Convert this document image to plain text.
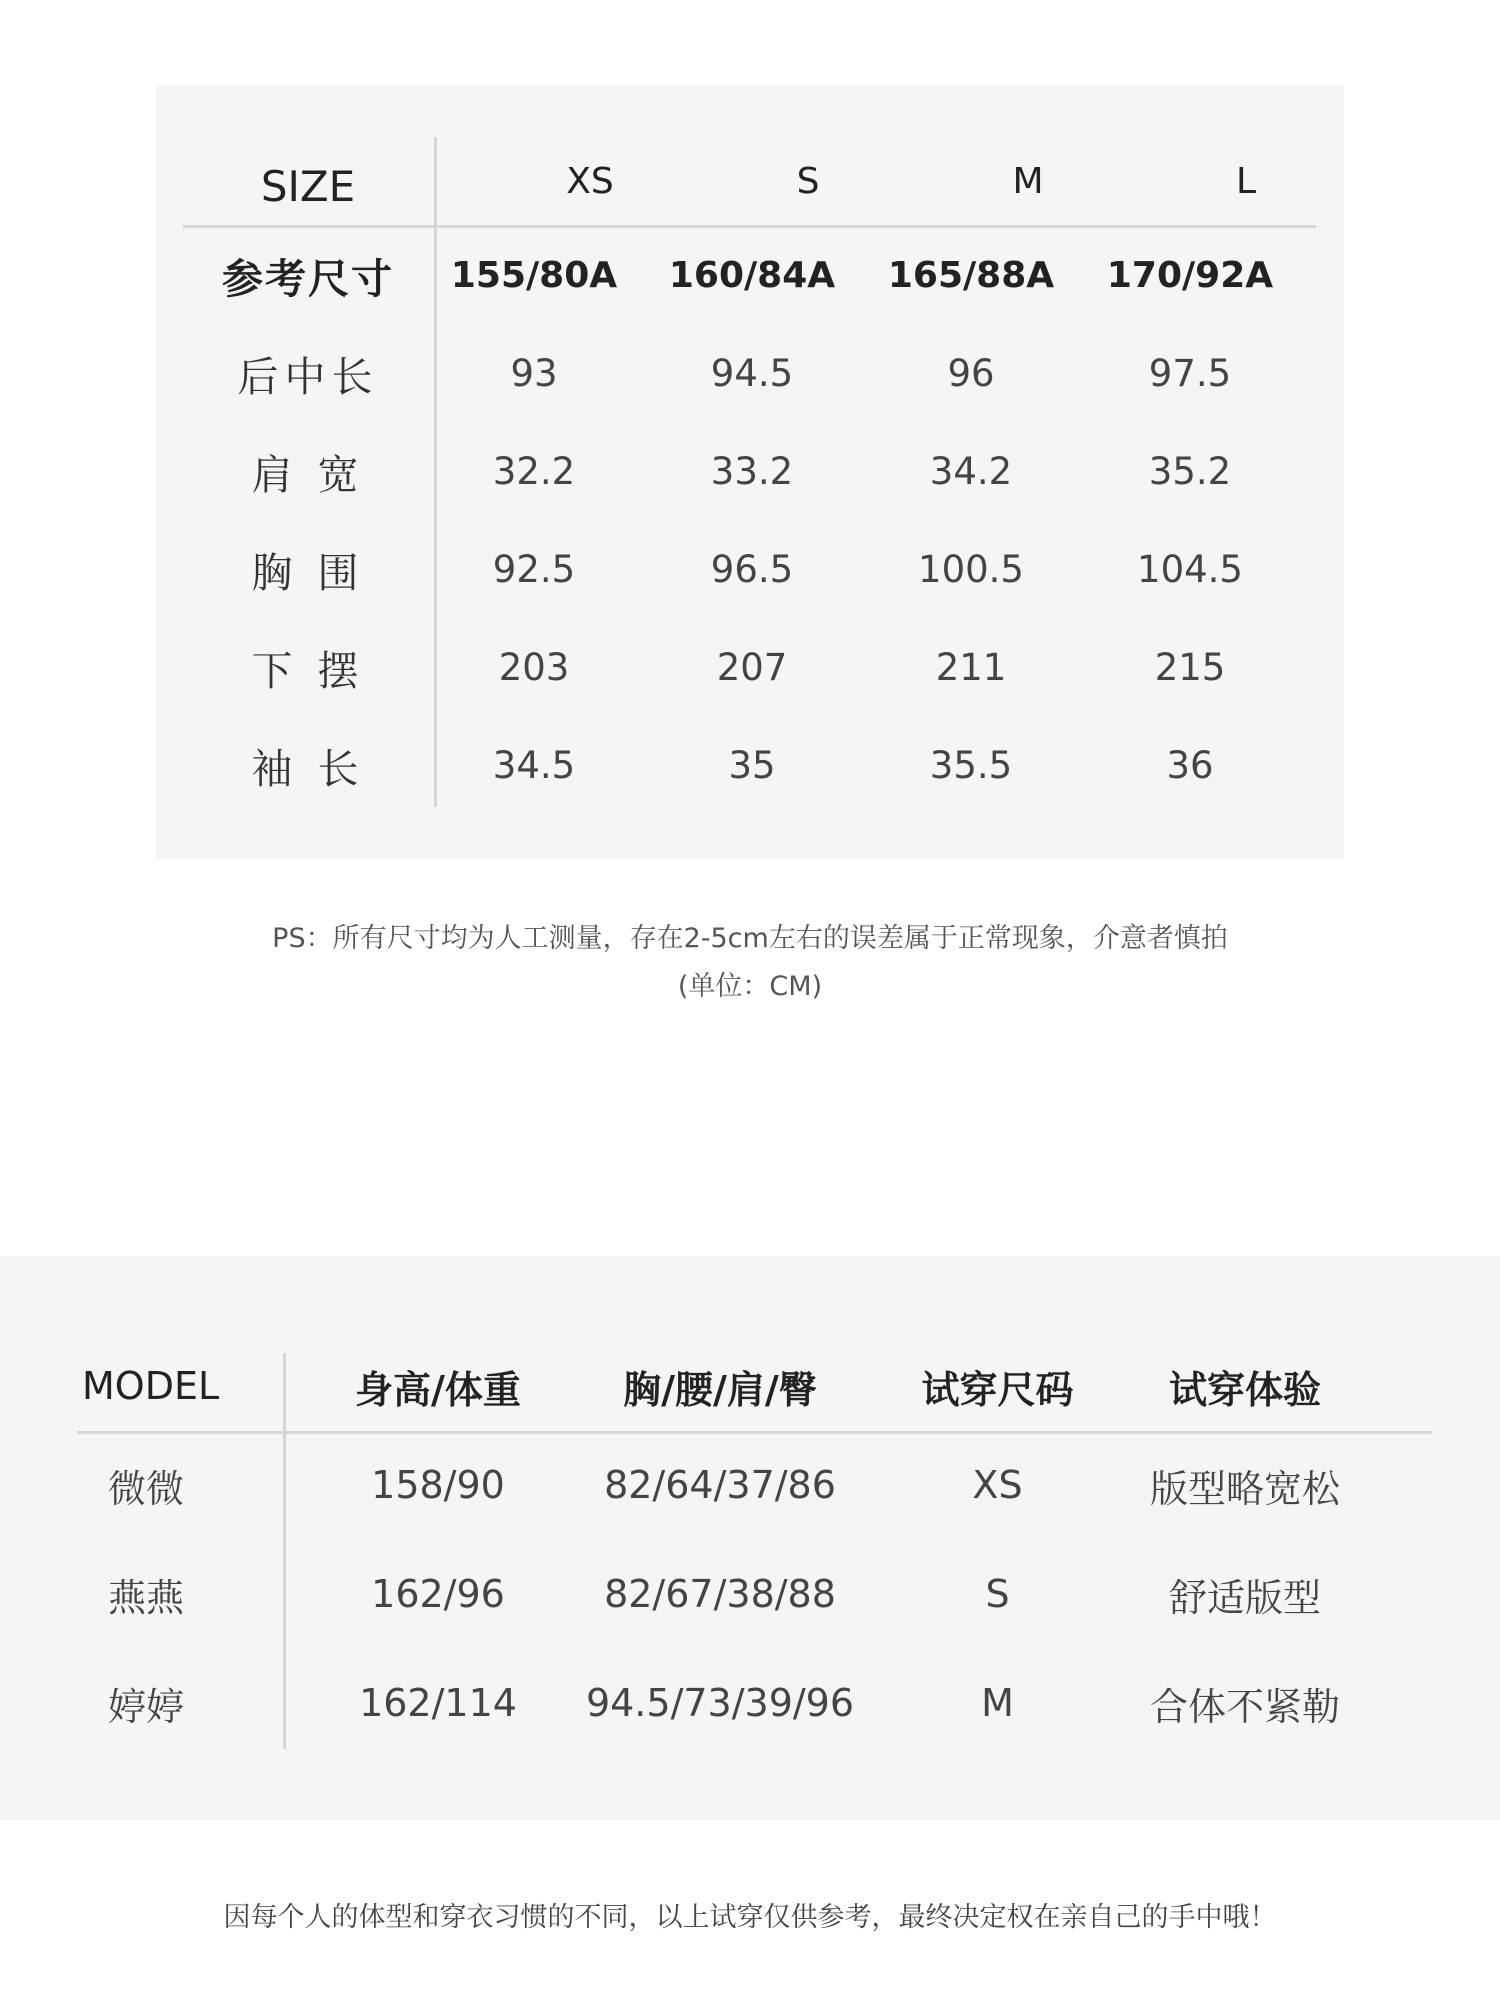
SIZE	XS	S	M	L
参考尺寸	155/80A	160/84A	165/88A	170/92A
后中长	93	94.5	96	97.5
肩 宽	32.2	33.2	34.2	35.2
胸 围	92.5	96.5	100.5	104.5
下 摆	203	207	211	215
袖 长	34.5	35	35.5	36
PS：所有尺寸均为人工测量，存在2-5cm左右的误差属于正常现象，介意者慎拍
(单位：CM)
MODEL	身高/体重	胸/腰/肩/臀	试穿尺码	试穿体验
微微	158/90	82/64/37/86	XS	版型略宽松
燕燕	162/96	82/67/38/88	S	舒适版型
婷婷	162/114	94.5/73/39/96	M	合体不紧勒
因每个人的体型和穿衣习惯的不同，以上试穿仅供参考，最终决定权在亲自己的手中哦！
